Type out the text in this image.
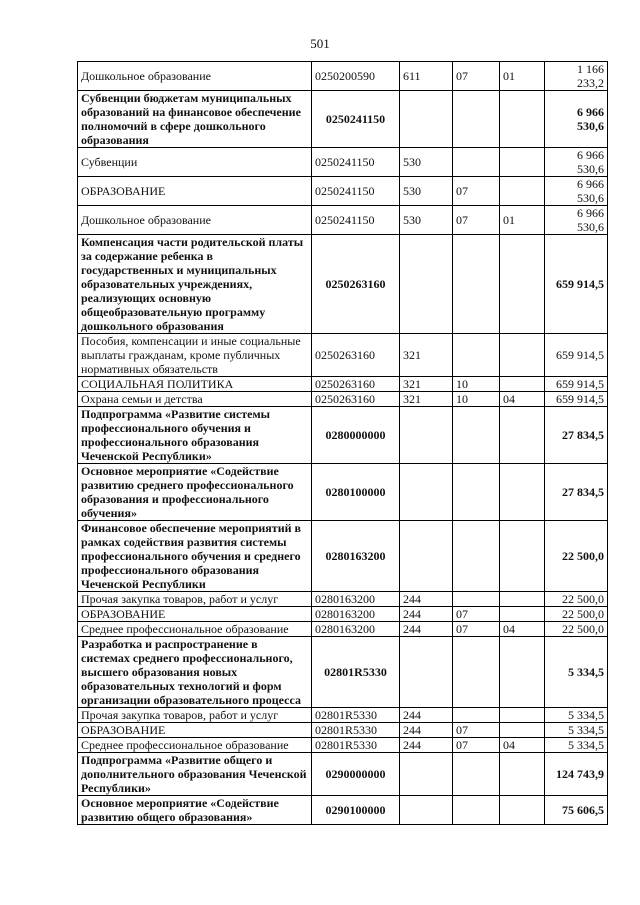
501
Дошкольное образование	0250200590	611	07	01	1 166 233,2
Субвенции бюджетам муниципальных образований на финансовое обеспечение полномочий в сфере дошкольного образования	0250241150				6 966 530,6
Субвенции	0250241150	530			6 966 530,6
ОБРАЗОВАНИЕ	0250241150	530	07		6 966 530,6
Дошкольное образование	0250241150	530	07	01	6 966 530,6
Компенсация части родительской платы за содержание ребенка в государственных и муниципальных образовательных учреждениях, реализующих основную общеобразовательную программу дошкольного образования	0250263160				659 914,5
Пособия, компенсации и иные социальные выплаты гражданам, кроме публичных нормативных обязательств	0250263160	321			659 914,5
СОЦИАЛЬНАЯ ПОЛИТИКА	0250263160	321	10		659 914,5
Охрана семьи и детства	0250263160	321	10	04	659 914,5
Подпрограмма «Развитие системы профессионального обучения и профессионального образования Чеченской Республики»	0280000000				27 834,5
Основное мероприятие «Содействие развитию среднего профессионального образования и профессионального обучения»	0280100000				27 834,5
Финансовое обеспечение мероприятий в рамках содействия развития системы профессионального обучения и среднего профессионального образования Чеченской Республики	0280163200				22 500,0
Прочая закупка товаров, работ и услуг	0280163200	244			22 500,0
ОБРАЗОВАНИЕ	0280163200	244	07		22 500,0
Среднее профессиональное образование	0280163200	244	07	04	22 500,0
Разработка и распространение в системах среднего профессионального, высшего образования новых образовательных технологий и форм организации образовательного процесса	02801R5330				5 334,5
Прочая закупка товаров, работ и услуг	02801R5330	244			5 334,5
ОБРАЗОВАНИЕ	02801R5330	244	07		5 334,5
Среднее профессиональное образование	02801R5330	244	07	04	5 334,5
Подпрограмма «Развитие общего и дополнительного образования Чеченской Республики»	0290000000				124 743,9
Основное мероприятие «Содействие развитию общего образования»	0290100000				75 606,5
